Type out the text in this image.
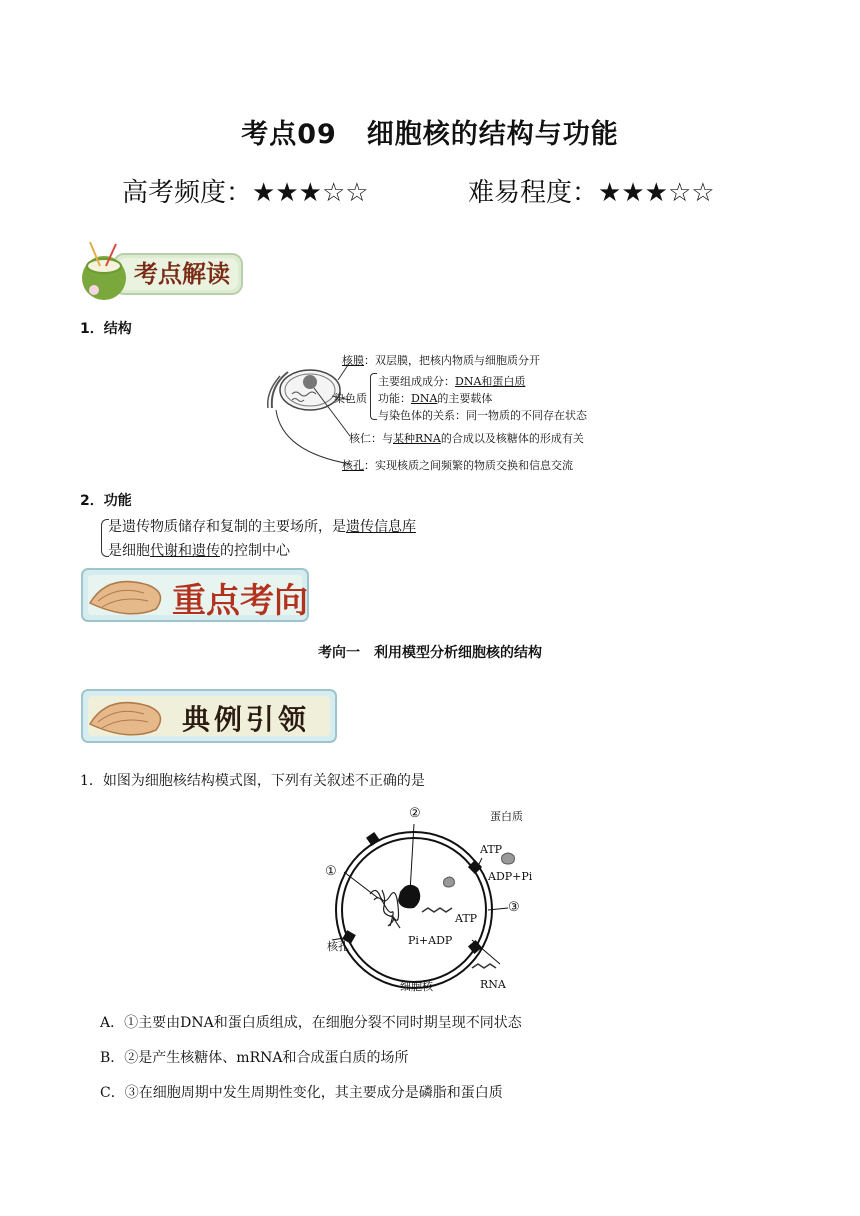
考点09 细胞核的结构与功能
高考频度：★★★☆☆	难易程度：★★★☆☆
考点解读
1．结构
核膜：双层膜，把核内物质与细胞质分开
染色质
主要组成成分：DNA和蛋白质
功能：DNA的主要载体
与染色体的关系：同一物质的不同存在状态
核仁：与某种RNA的合成以及核糖体的形成有关
核孔：实现核质之间频繁的物质交换和信息交流
2．功能
是遗传物质储存和复制的主要场所，是遗传信息库
是细胞代谢和遗传的控制中心
重点考向
考向一　利用模型分析细胞核的结构
典例引领
1．如图为细胞核结构模式图，下列有关叙述不正确的是
②	蛋白质
ATP
ADP+Pi
①
③
ATP
Pi+ADP
核孔
细胞核	RNA
A．①主要由DNA和蛋白质组成，在细胞分裂不同时期呈现不同状态
B．②是产生核糖体、mRNA和合成蛋白质的场所
C．③在细胞周期中发生周期性变化，其主要成分是磷脂和蛋白质
